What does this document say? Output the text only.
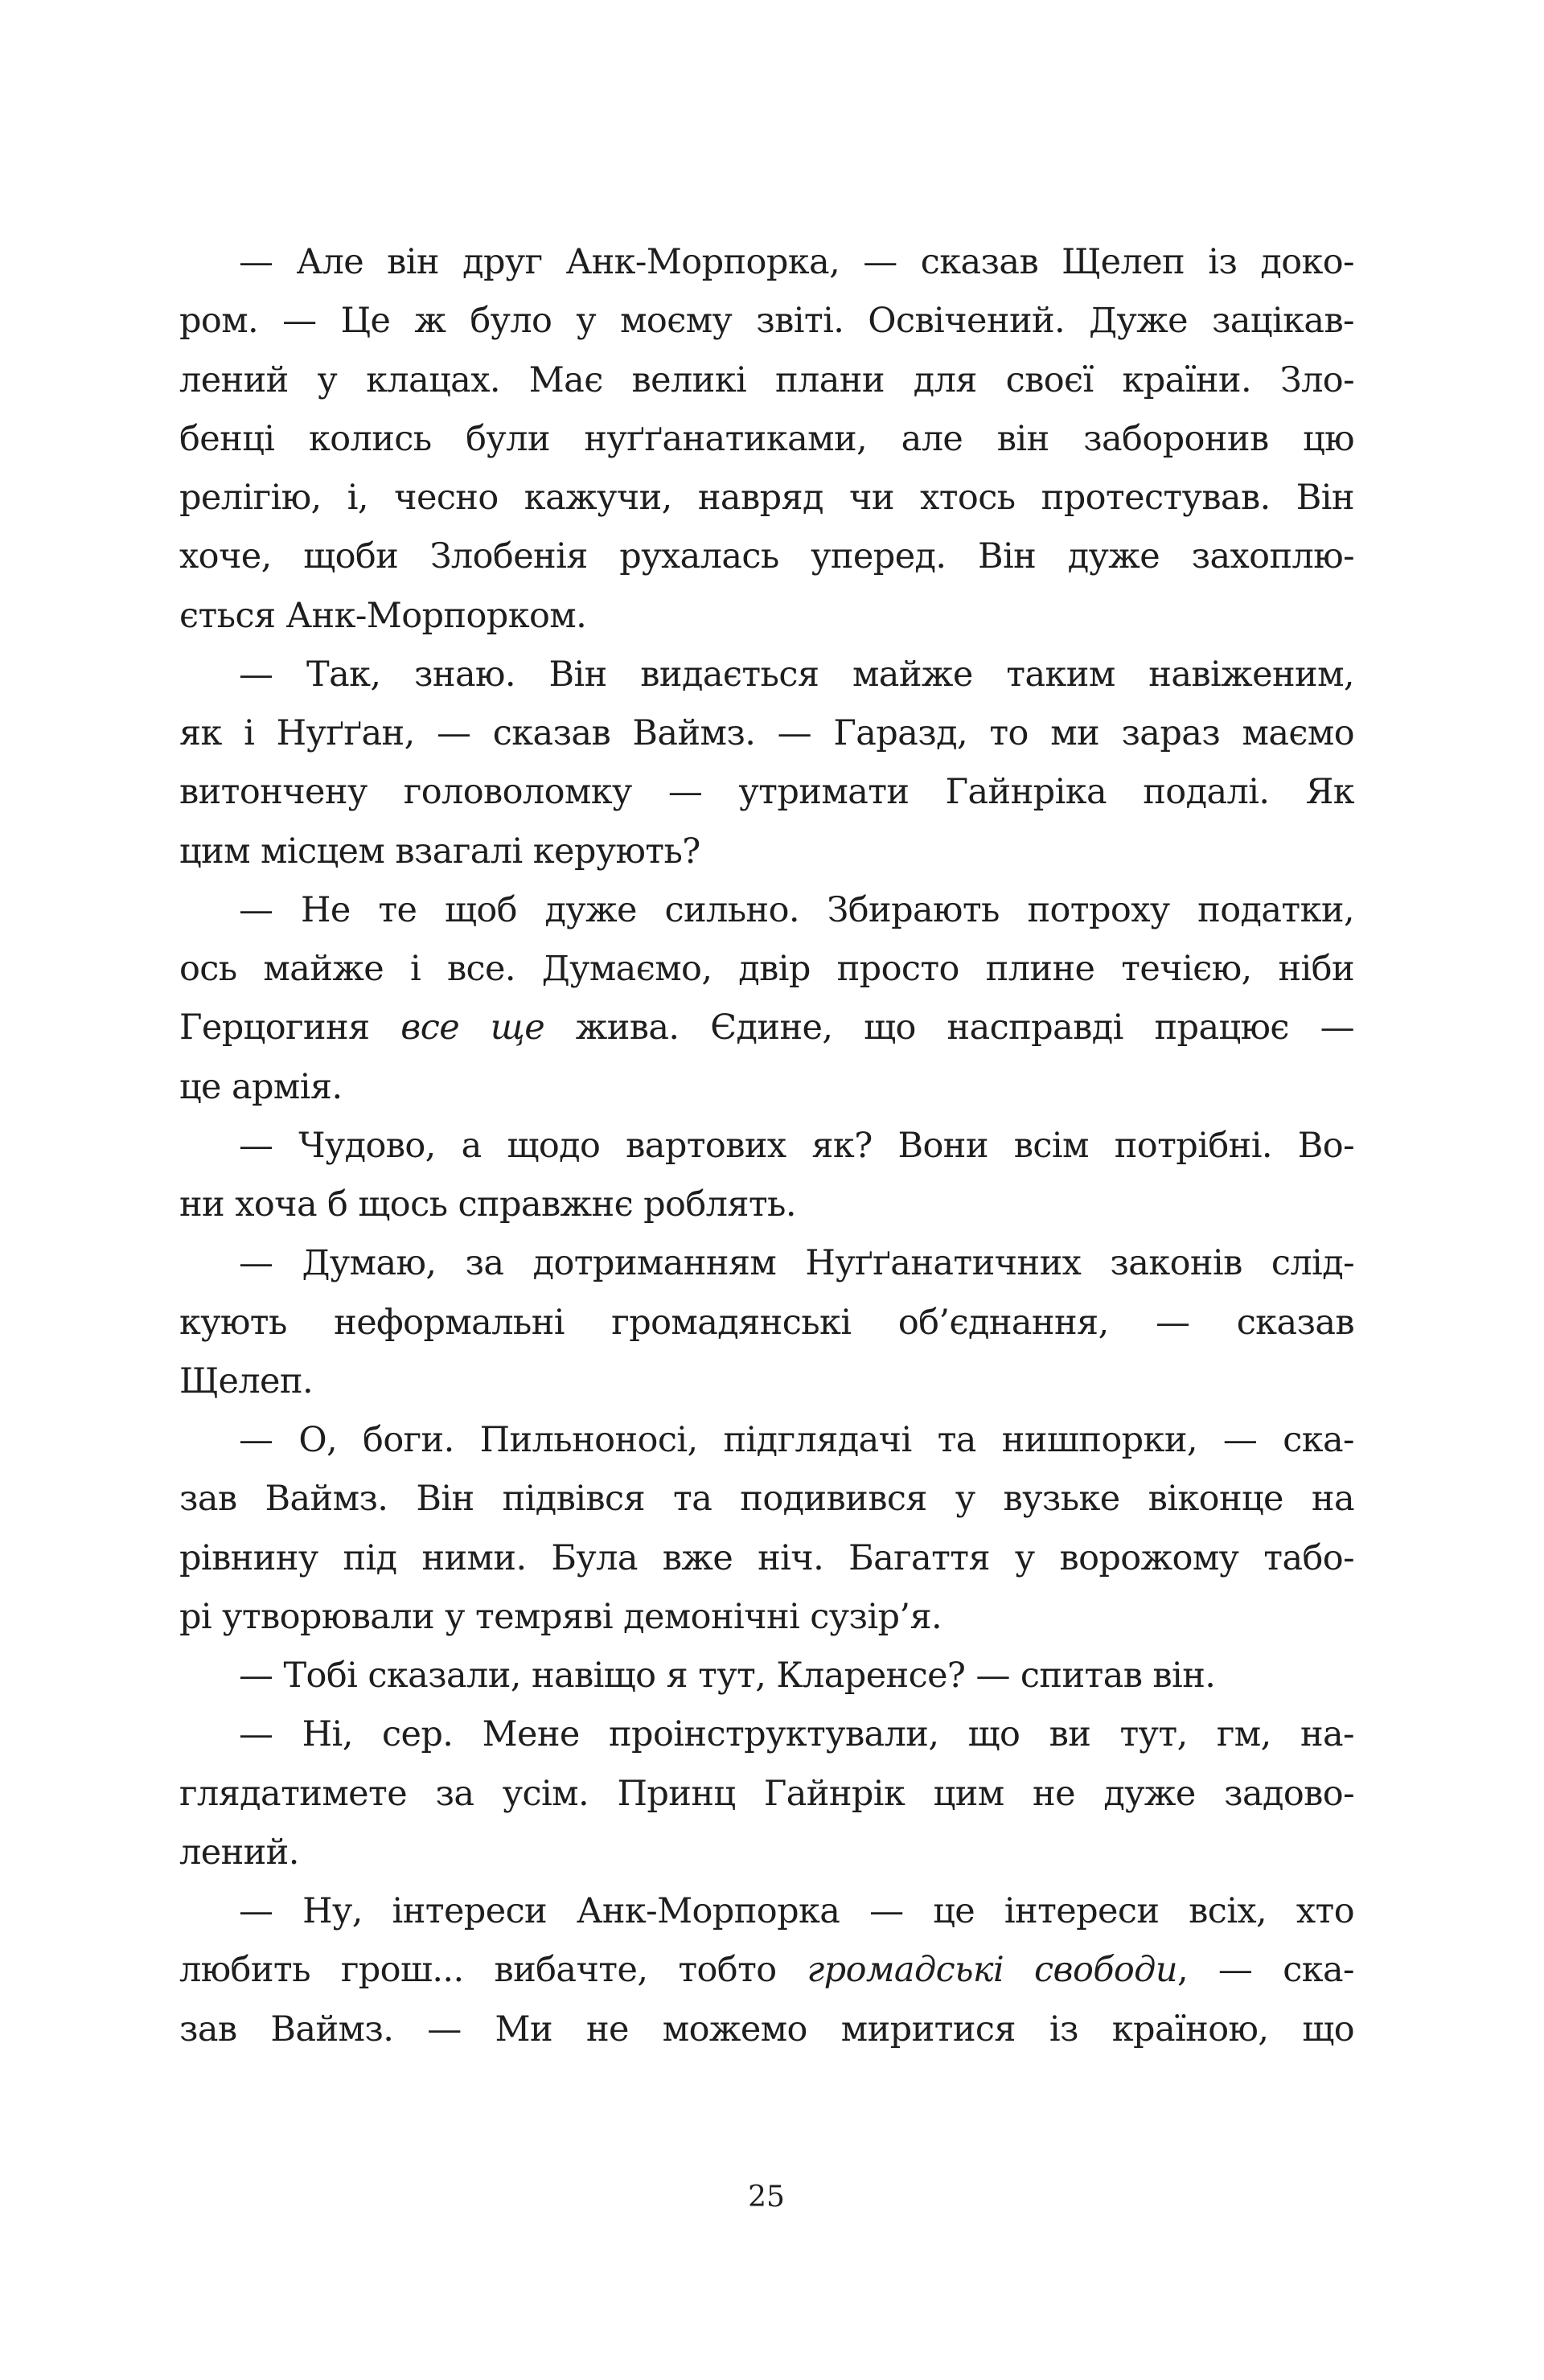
— Але він друг Анк-Морпорка, — сказав Щелеп із доко-
ром. — Це ж було у моєму звіті. Освічений. Дуже зацікав-
лений у клацах. Має великі плани для своєї країни. Зло-
бенці колись були нуґґанатиками, але він заборонив цю
релігію, і, чесно кажучи, навряд чи хтось протестував. Він
хоче, щоби Злобенія рухалась уперед. Він дуже захоплю-
ється Анк-Морпорком.
— Так, знаю. Він видається майже таким навіженим,
як і Нуґґан, — сказав Ваймз. — Гаразд, то ми зараз маємо
витончену головоломку — утримати Гайнріка подалі. Як
цим місцем взагалі керують?
— Не те щоб дуже сильно. Збирають потроху податки,
ось майже і все. Думаємо, двір просто плине течією, ніби
Герцогиня все ще жива. Єдине, що насправді працює —
це армія.
— Чудово, а щодо вартових як? Вони всім потрібні. Во-
ни хоча б щось справжнє роблять.
— Думаю, за дотриманням Нуґґанатичних законів слід-
кують неформальні громадянські об’єднання, — сказав
Щелеп.
— О, боги. Пильноносі, підглядачі та нишпорки, — ска-
зав Ваймз. Він підвівся та подивився у вузьке віконце на
рівнину під ними. Була вже ніч. Багаття у ворожому табо-
рі утворювали у темряві демонічні сузір’я.
— Тобі сказали, навіщо я тут, Кларенсе? — спитав він.
— Ні, сер. Мене проінструктували, що ви тут, гм, на-
глядатимете за усім. Принц Гайнрік цим не дуже задово-
лений.
— Ну, інтереси Анк-Морпорка — це інтереси всіх, хто
любить грош... вибачте, тобто громадські свободи, — ска-
зав Ваймз. — Ми не можемо миритися із країною, що
25
